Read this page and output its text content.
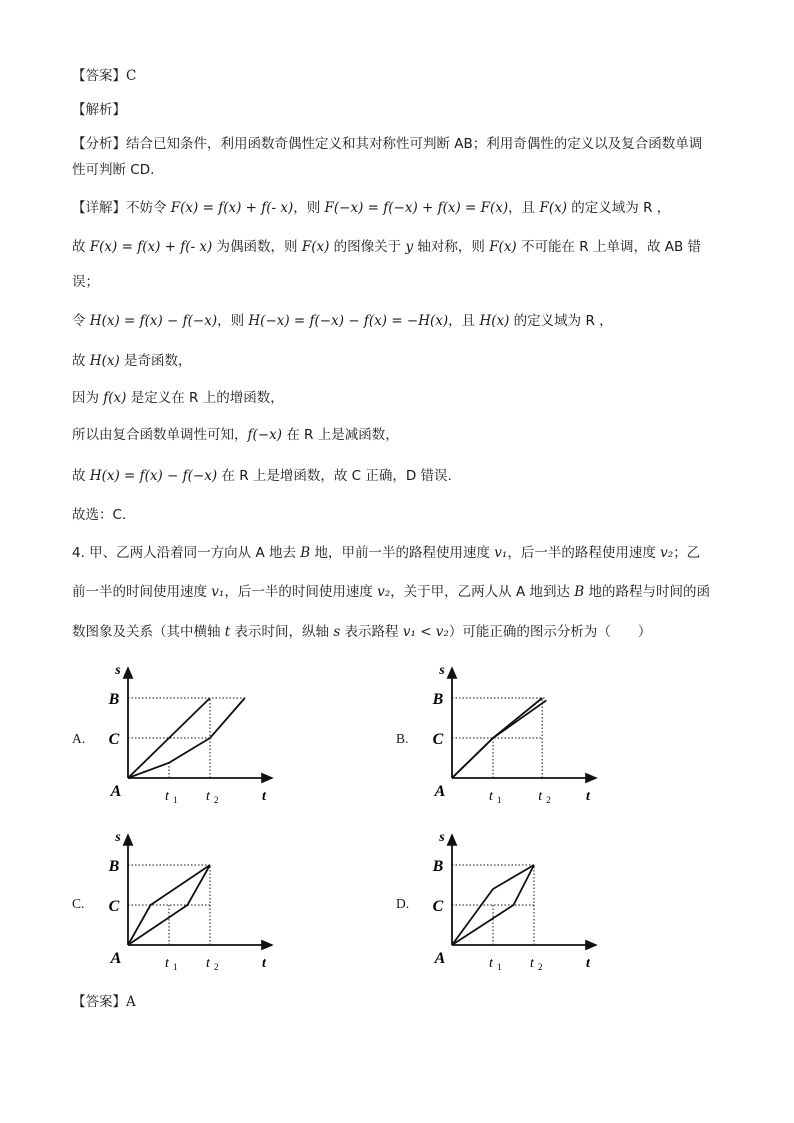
【答案】C
【解析】
【分析】结合已知条件，利用函数奇偶性定义和其对称性可判断 AB；利用奇偶性的定义以及复合函数单调
性可判断 CD.
【详解】不妨令 F(x) = f(x) + f(- x)，则 F(−x) = f(−x) + f(x) = F(x)，且 F(x) 的定义域为 R ，
故 F(x) = f(x) + f(- x) 为偶函数，则 F(x) 的图像关于 y 轴对称，则 F(x) 不可能在 R 上单调，故 AB 错
误；
令 H(x) = f(x) − f(−x)，则 H(−x) = f(−x) − f(x) = −H(x)，且 H(x) 的定义域为 R ，
故 H(x) 是奇函数，
因为 f(x) 是定义在 R 上的增函数，
所以由复合函数单调性可知，f(−x) 在 R 上是减函数，
故 H(x) = f(x) − f(−x) 在 R 上是增函数，故 C 正确，D 错误.
故选：C.
4. 甲、乙两人沿着同一方向从 A 地去 B 地，甲前一半的路程使用速度 v₁，后一半的路程使用速度 v₂；乙
前一半的时间使用速度 v₁，后一半的时间使用速度 v₂，关于甲，乙两人从 A 地到达 B 地的路程与时间的函
数图象及关系（其中横轴 t 表示时间，纵轴 s 表示路程 v₁ < v₂）可能正确的图示分析为（　　）
A.	B.
C.	D.
s
t
B
C
A	t 1 t 2
s
t
B
C
A	t 1	t 2
s
t
B
C
A	t 1 t 2
s
t
B
C
A	t 1 t 2
【答案】A
